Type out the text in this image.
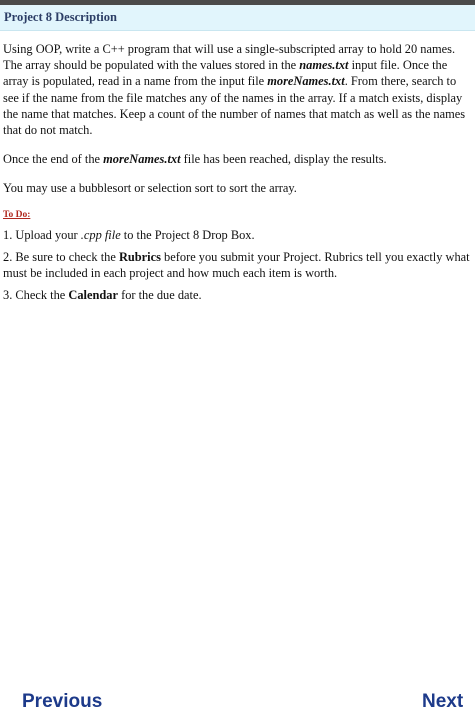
Project 8 Description

Using OOP, write a C++ program that will use a single-subscripted array to hold 20 names. The array should be populated with the values stored in the names.txt input file. Once the array is populated, read in a name from the input file moreNames.txt. From there, search to see if the name from the file matches any of the names in the array. If a match exists, display the name that matches. Keep a count of the number of names that match as well as the names that do not match.

Once the end of the moreNames.txt file has been reached, display the results.

You may use a bubblesort or selection sort to sort the array.

To Do:

1. Upload your .cpp file to the Project 8 Drop Box.

2. Be sure to check the Rubrics before you submit your Project. Rubrics tell you exactly what must be included in each project and how much each item is worth.

3. Check the Calendar for the due date.

Previous	Next
